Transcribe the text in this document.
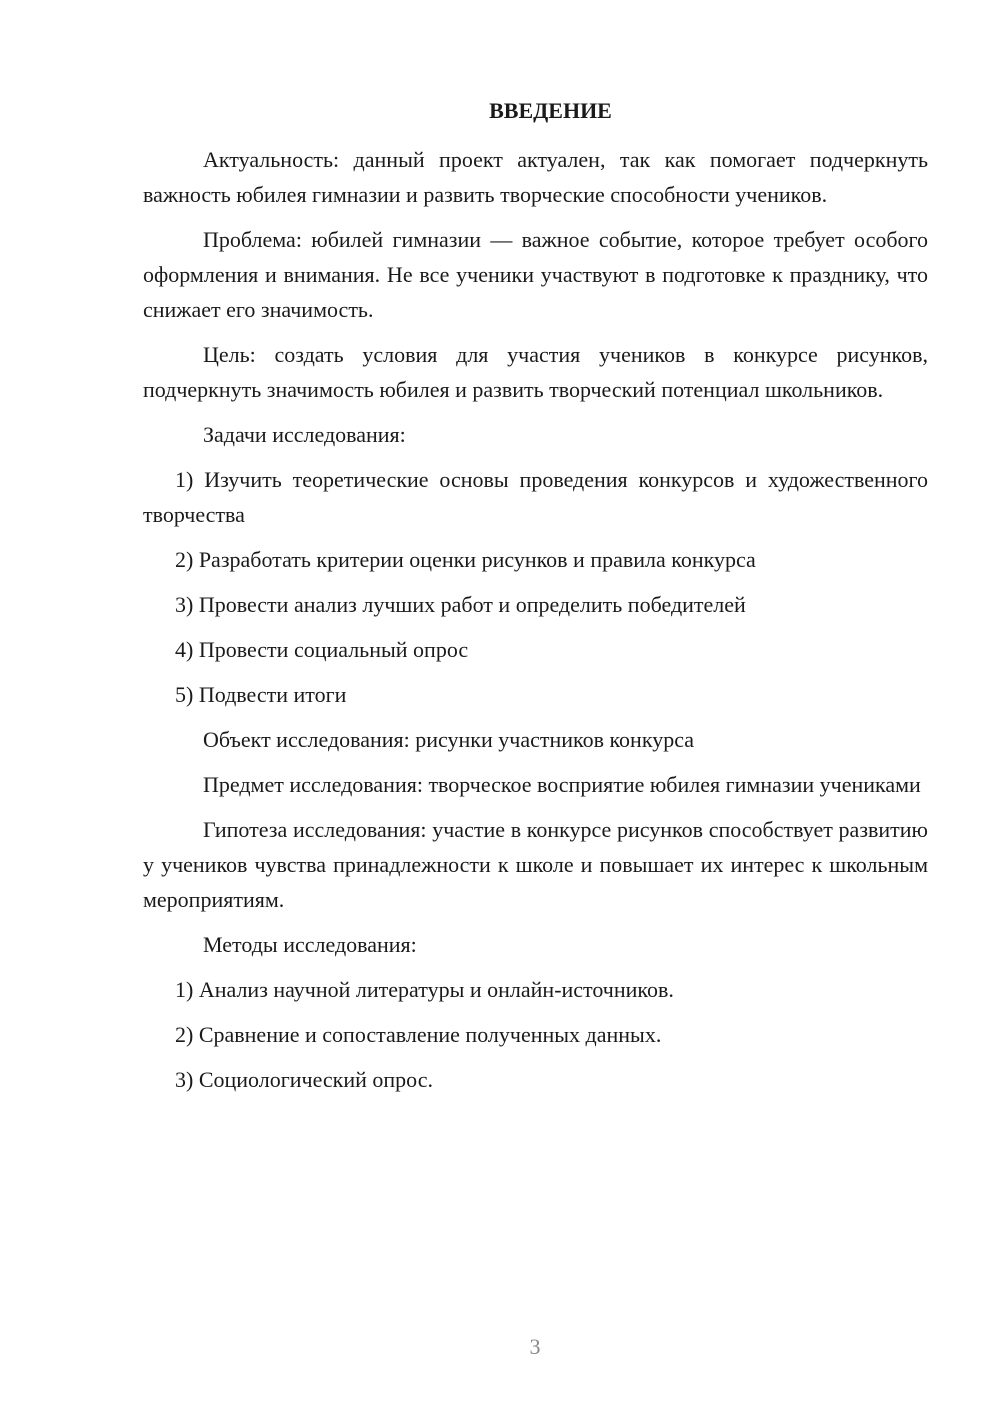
ВВЕДЕНИЕ

Актуальность: данный проект актуален, так как помогает подчеркнуть важность юбилея гимназии и развить творческие способности учеников.

Проблема: юбилей гимназии — важное событие, которое требует особого оформления и внимания. Не все ученики участвуют в подготовке к празднику, что снижает его значимость.

Цель: создать условия для участия учеников в конкурсе рисунков, подчеркнуть значимость юбилея и развить творческий потенциал школьников.

Задачи исследования:

1) Изучить теоретические основы проведения конкурсов и художественного творчества

2) Разработать критерии оценки рисунков и правила конкурса

3) Провести анализ лучших работ и определить победителей

4) Провести социальный опрос

5) Подвести итоги

Объект исследования: рисунки участников конкурса

Предмет исследования: творческое восприятие юбилея гимназии учениками

Гипотеза исследования: участие в конкурсе рисунков способствует развитию у учеников чувства принадлежности к школе и повышает их интерес к школьным мероприятиям.

Методы исследования:

1) Анализ научной литературы и онлайн-источников.

2) Сравнение и сопоставление полученных данных.

3) Социологический опрос.

3
